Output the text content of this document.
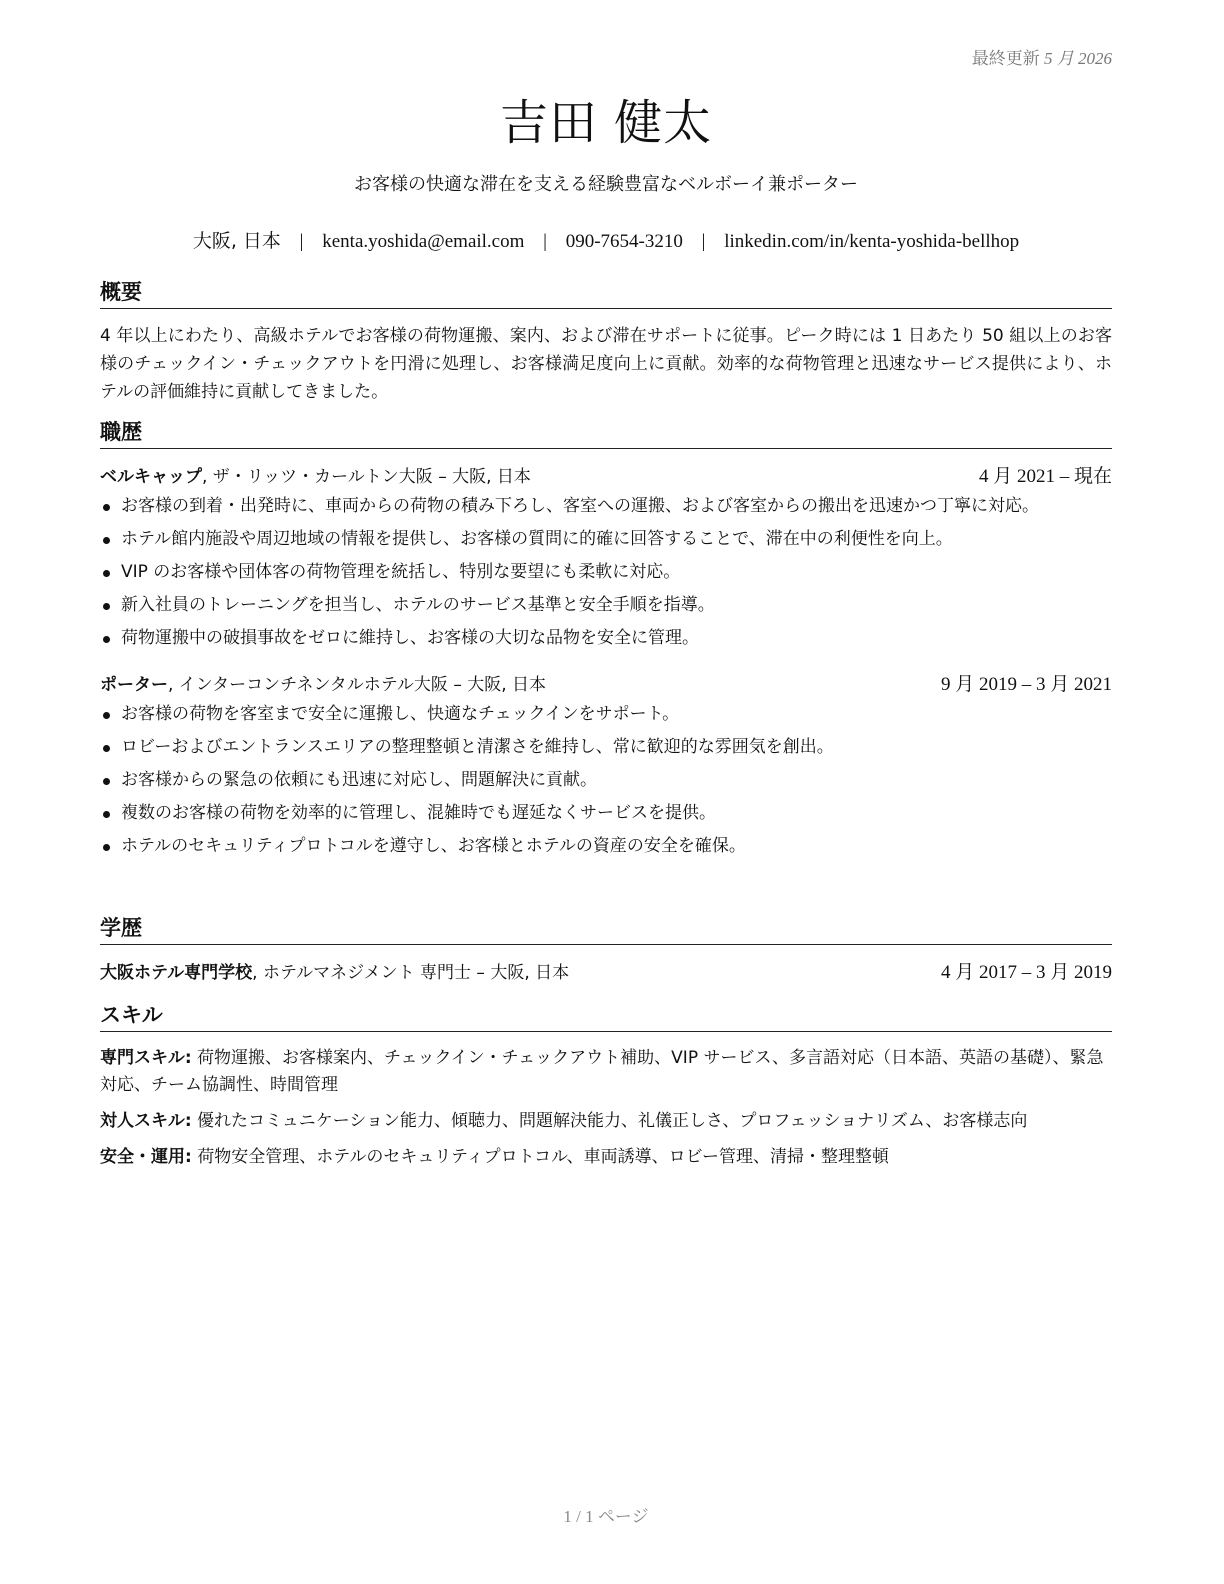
最終更新 5 月 2026
吉田 健太
お客様の快適な滞在を支える経験豊富なベルボーイ兼ポーター
大阪, 日本 | kenta.yoshida@email.com | 090-7654-3210 | linkedin.com/in/kenta-yoshida-bellhop
概要

4 年以上にわたり、高級ホテルでお客様の荷物運搬、案内、および滞在サポートに従事。ピーク時には 1 日あたり 50 組以上のお客様のチェックイン・チェックアウトを円滑に処理し、お客様満足度向上に貢献。効率的な荷物管理と迅速なサービス提供により、ホテルの評価維持に貢献してきました。

職歴
ベルキャップ, ザ・リッツ・カールトン大阪 – 大阪, 日本	4 月 2021 – 現在
お客様の到着・出発時に、車両からの荷物の積み下ろし、客室への運搬、および客室からの搬出を迅速かつ丁寧に対応。
ホテル館内施設や周辺地域の情報を提供し、お客様の質問に的確に回答することで、滞在中の利便性を向上。
VIP のお客様や団体客の荷物管理を統括し、特別な要望にも柔軟に対応。
新入社員のトレーニングを担当し、ホテルのサービス基準と安全手順を指導。
荷物運搬中の破損事故をゼロに維持し、お客様の大切な品物を安全に管理。
ポーター, インターコンチネンタルホテル大阪 – 大阪, 日本	9 月 2019 – 3 月 2021
お客様の荷物を客室まで安全に運搬し、快適なチェックインをサポート。
ロビーおよびエントランスエリアの整理整頓と清潔さを維持し、常に歓迎的な雰囲気を創出。
お客様からの緊急の依頼にも迅速に対応し、問題解決に貢献。
複数のお客様の荷物を効率的に管理し、混雑時でも遅延なくサービスを提供。
ホテルのセキュリティプロトコルを遵守し、お客様とホテルの資産の安全を確保。
学歴
大阪ホテル専門学校, ホテルマネジメント 専門士 – 大阪, 日本	4 月 2017 – 3 月 2019
スキル

専門スキル: 荷物運搬、お客様案内、チェックイン・チェックアウト補助、VIP サービス、多言語対応（日本語、英語の基礎）、緊急対応、チーム協調性、時間管理

対人スキル: 優れたコミュニケーション能力、傾聴力、問題解決能力、礼儀正しさ、プロフェッショナリズム、お客様志向

安全・運用: 荷物安全管理、ホテルのセキュリティプロトコル、車両誘導、ロビー管理、清掃・整理整頓

1 / 1 ページ
